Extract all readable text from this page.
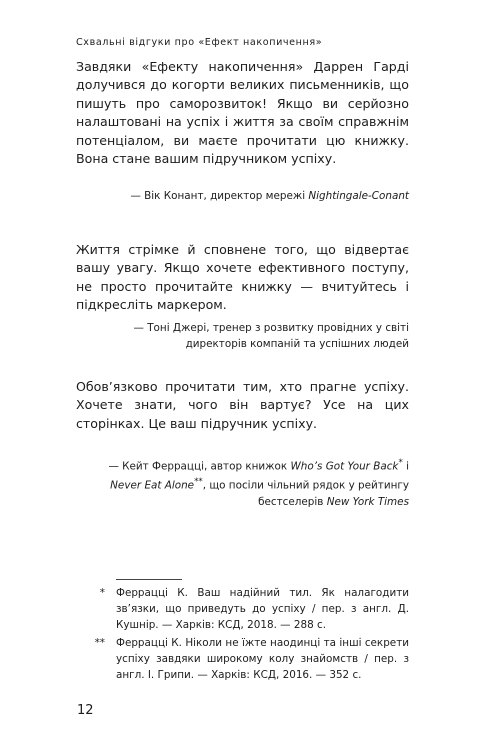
Схвальні відгуки про «Ефект накопичення»

Завдяки «Ефекту накопичення» Даррен Гарді долучився до когорти великих письменників, що пишуть про саморозвиток! Якщо ви серйозно налаштовані на успіх і життя за своїм справжнім потенціалом, ви маєте прочитати цю книжку. Вона стане вашим підручником успіху.

— Вік Конант, директор мережі Nightingale-Conant

Життя стрімке й сповнене того, що відвертає вашу увагу. Якщо хочете ефективного поступу, не просто прочитайте книжку — вчитуйтесь і підкресліть маркером.

— Тоні Джері, тренер з розвитку провідних у світі директорів компаній та успішних людей

Обов’язково прочитати тим, хто прагне успіху. Хочете знати, чого він вартує? Усе на цих сторінках. Це ваш підручник успіху.

— Кейт Феррацці, автор книжок Who’s Got Your Back* і Never Eat Alone**, що посіли чільний рядок у рейтингу бестселерів New York Times
*	Феррацці К. Ваш надійний тил. Як налагодити зв’язки, що приведуть до успіху / пер. з англ. Д. Кушнір. — Харків: КСД, 2018. — 288 с.
**	Феррацці К. Ніколи не їжте наодинці та інші секрети успіху завдяки широкому колу знайомств / пер. з англ. І. Грипи. — Харків: КСД, 2016. — 352 с.
12
